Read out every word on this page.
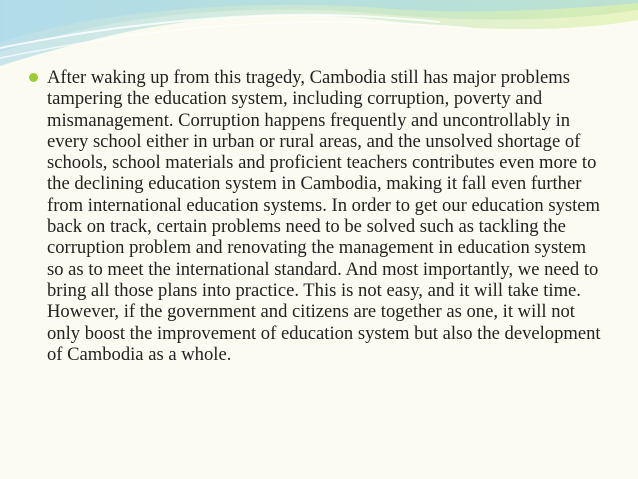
After waking up from this tragedy, Cambodia still has major problems tampering the education system, including corruption, poverty and mismanagement. Corruption happens frequently and uncontrollably in every school either in urban or rural areas, and the unsolved shortage of schools, school materials and proficient teachers contributes even more to the declining education system in Cambodia, making it fall even further from international education systems. In order to get our education system back on track, certain problems need to be solved such as tackling the corruption problem and renovating the management in education system so as to meet the international standard. And most importantly, we need to bring all those plans into practice. This is not easy, and it will take time. However, if the government and citizens are together as one, it will not only boost the improvement of education system but also the development of Cambodia as a whole.
